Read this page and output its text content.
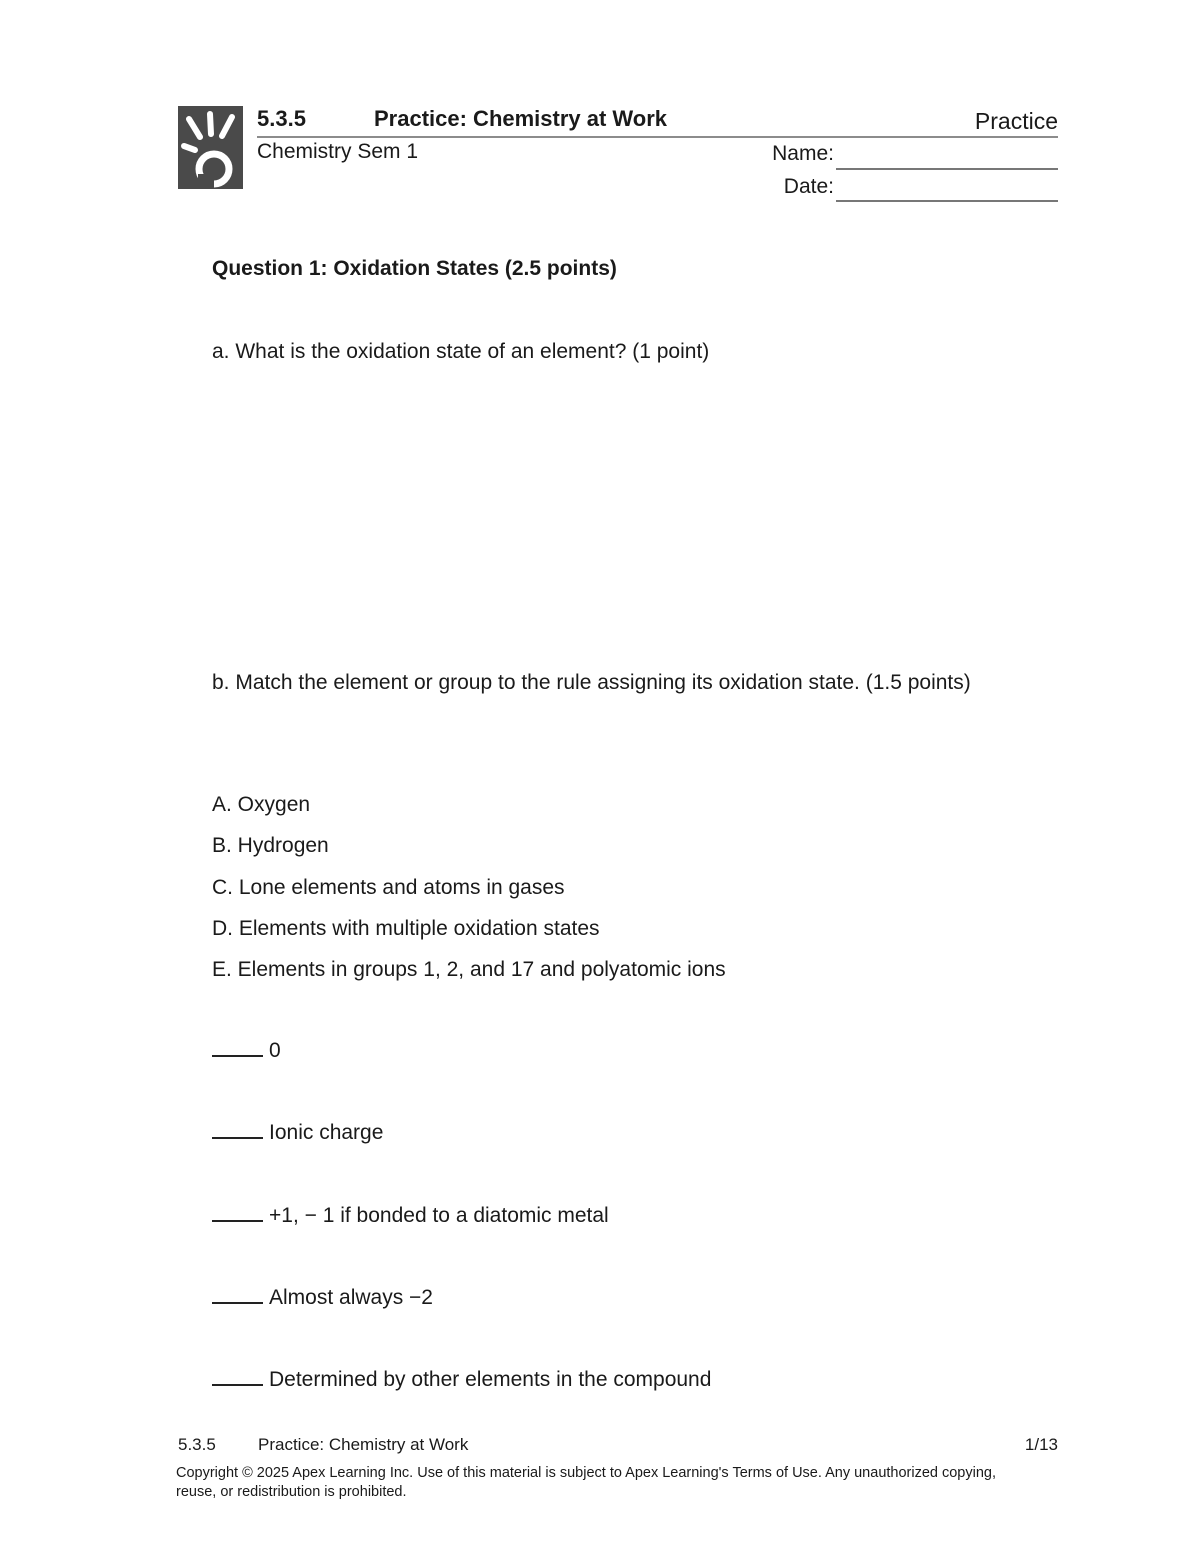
5.3.5	Practice: Chemistry at Work	Practice
Chemistry Sem 1	Name:
Date:
Question 1: Oxidation States (2.5 points)
a. What is the oxidation state of an element? (1 point)
b. Match the element or group to the rule assigning its oxidation state. (1.5 points)
A. Oxygen
B. Hydrogen
C. Lone elements and atoms in gases
D. Elements with multiple oxidation states
E. Elements in groups 1, 2, and 17 and polyatomic ions
0
Ionic charge
+1, − 1 if bonded to a diatomic metal
Almost always −2
Determined by other elements in the compound
5.3.5 Practice: Chemistry at Work	1/13
Copyright © 2025 Apex Learning Inc. Use of this material is subject to Apex Learning's Terms of Use. Any unauthorized copying, reuse, or redistribution is prohibited.
